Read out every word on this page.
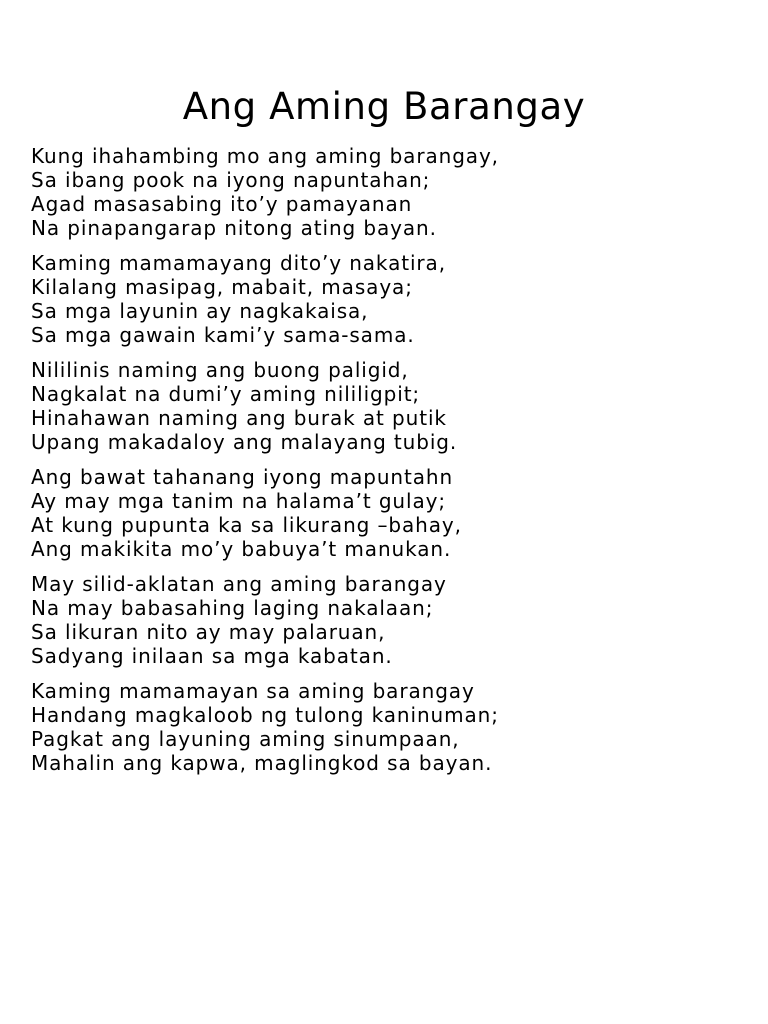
Ang Aming Barangay
Kung ihahambing mo ang aming barangay,
Sa ibang pook na iyong napuntahan;
Agad masasabing ito’y pamayanan
Na pinapangarap nitong ating bayan.
Kaming mamamayang dito’y nakatira,
Kilalang masipag, mabait, masaya;
Sa mga layunin ay nagkakaisa,
Sa mga gawain kami’y sama-sama.
Nililinis naming ang buong paligid,
Nagkalat na dumi’y aming nililigpit;
Hinahawan naming ang burak at putik
Upang makadaloy ang malayang tubig.
Ang bawat tahanang iyong mapuntahn
Ay may mga tanim na halama’t gulay;
At kung pupunta ka sa likurang –bahay,
Ang makikita mo’y babuya’t manukan.
May silid-aklatan ang aming barangay
Na may babasahing laging nakalaan;
Sa likuran nito ay may palaruan,
Sadyang inilaan sa mga kabatan.
Kaming mamamayan sa aming barangay
Handang magkaloob ng tulong kaninuman;
Pagkat ang layuning aming sinumpaan,
Mahalin ang kapwa, maglingkod sa bayan.
